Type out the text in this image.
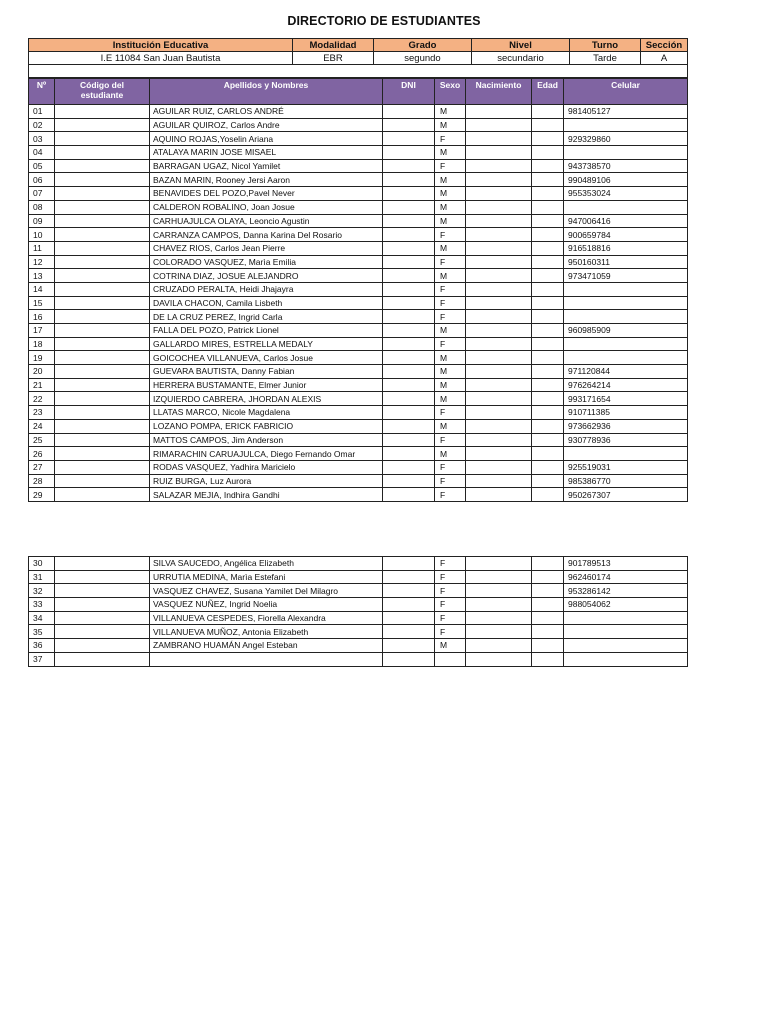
DIRECTORIO DE ESTUDIANTES
Institución Educativa	Modalidad	Grado	Nivel	Turno	Sección
I.E 11084 San Juan Bautista	EBR	segundo	secundario	Tarde	A

Nº	Código del estudiante	Apellidos y Nombres	DNI	Sexo	Nacimiento	Edad	Celular
01		AGUILAR RUIZ, CARLOS ANDRÉ		M			981405127
02		AGUILAR QUIROZ, Carlos Andre		M			
03		AQUINO ROJAS,Yoselin Ariana		F			929329860
04		ATALAYA MARIN JOSE MISAEL		M			
05		BARRAGAN UGAZ, Nicol Yamilet		F			943738570
06		BAZAN MARIN, Rooney Jersi Aaron		M			990489106
07		BENAVIDES DEL POZO,Pavel Never		M			955353024
08		CALDERON ROBALINO, Joan Josue		M			
09		CARHUAJULCA OLAYA, Leoncio Agustin		M			947006416
10		CARRANZA CAMPOS, Danna Karina Del Rosario		F			900659784
11		CHAVEZ RIOS, Carlos Jean Pierre		M			916518816
12		COLORADO VASQUEZ, Marìa Emilia		F			950160311
13		COTRINA DIAZ, JOSUE ALEJANDRO		M			973471059
14		CRUZADO PERALTA, Heidi Jhajayra		F			
15		DAVILA CHACON, Camila Lisbeth		F			
16		DE LA CRUZ PEREZ, Ingrid Carla		F			
17		FALLA DEL POZO, Patrick Lionel		M			960985909
18		GALLARDO MIRES, ESTRELLA MEDALY		F			
19		GOICOCHEA VILLANUEVA, Carlos Josue		M			
20		GUEVARA BAUTISTA, Danny Fabian		M			971120844
21		HERRERA BUSTAMANTE, Elmer Junior		M			976264214
22		IZQUIERDO CABRERA, JHORDAN ALEXIS		M			993171654
23		LLATAS MARCO, Nicole Magdalena		F			910711385
24		LOZANO POMPA, ERICK FABRICIO		M			973662936
25		MATTOS CAMPOS, Jim Anderson		F			930778936
26		RIMARACHIN CARUAJULCA, Diego Fernando Omar		M			
27		RODAS VASQUEZ, Yadhira Maricielo		F			925519031
28		RUIZ BURGA, Luz Aurora		F			985386770
29		SALAZAR MEJIA, Indhira Gandhi		F			950267307
30		SILVA SAUCEDO, Angélica Elizabeth		F			901789513
31		URRUTIA MEDINA, Marìa Estefani		F			962460174
32		VASQUEZ CHAVEZ, Susana Yamilet Del Milagro		F			953286142
33		VASQUEZ NUÑEZ, Ingrid Noelia		F			988054062
34		VILLANUEVA CESPEDES, Fiorella Alexandra		F			
35		VILLANUEVA MUÑOZ, Antonia Elizabeth		F			
36		ZAMBRANO HUAMÁN Angel Esteban		M			
37							
